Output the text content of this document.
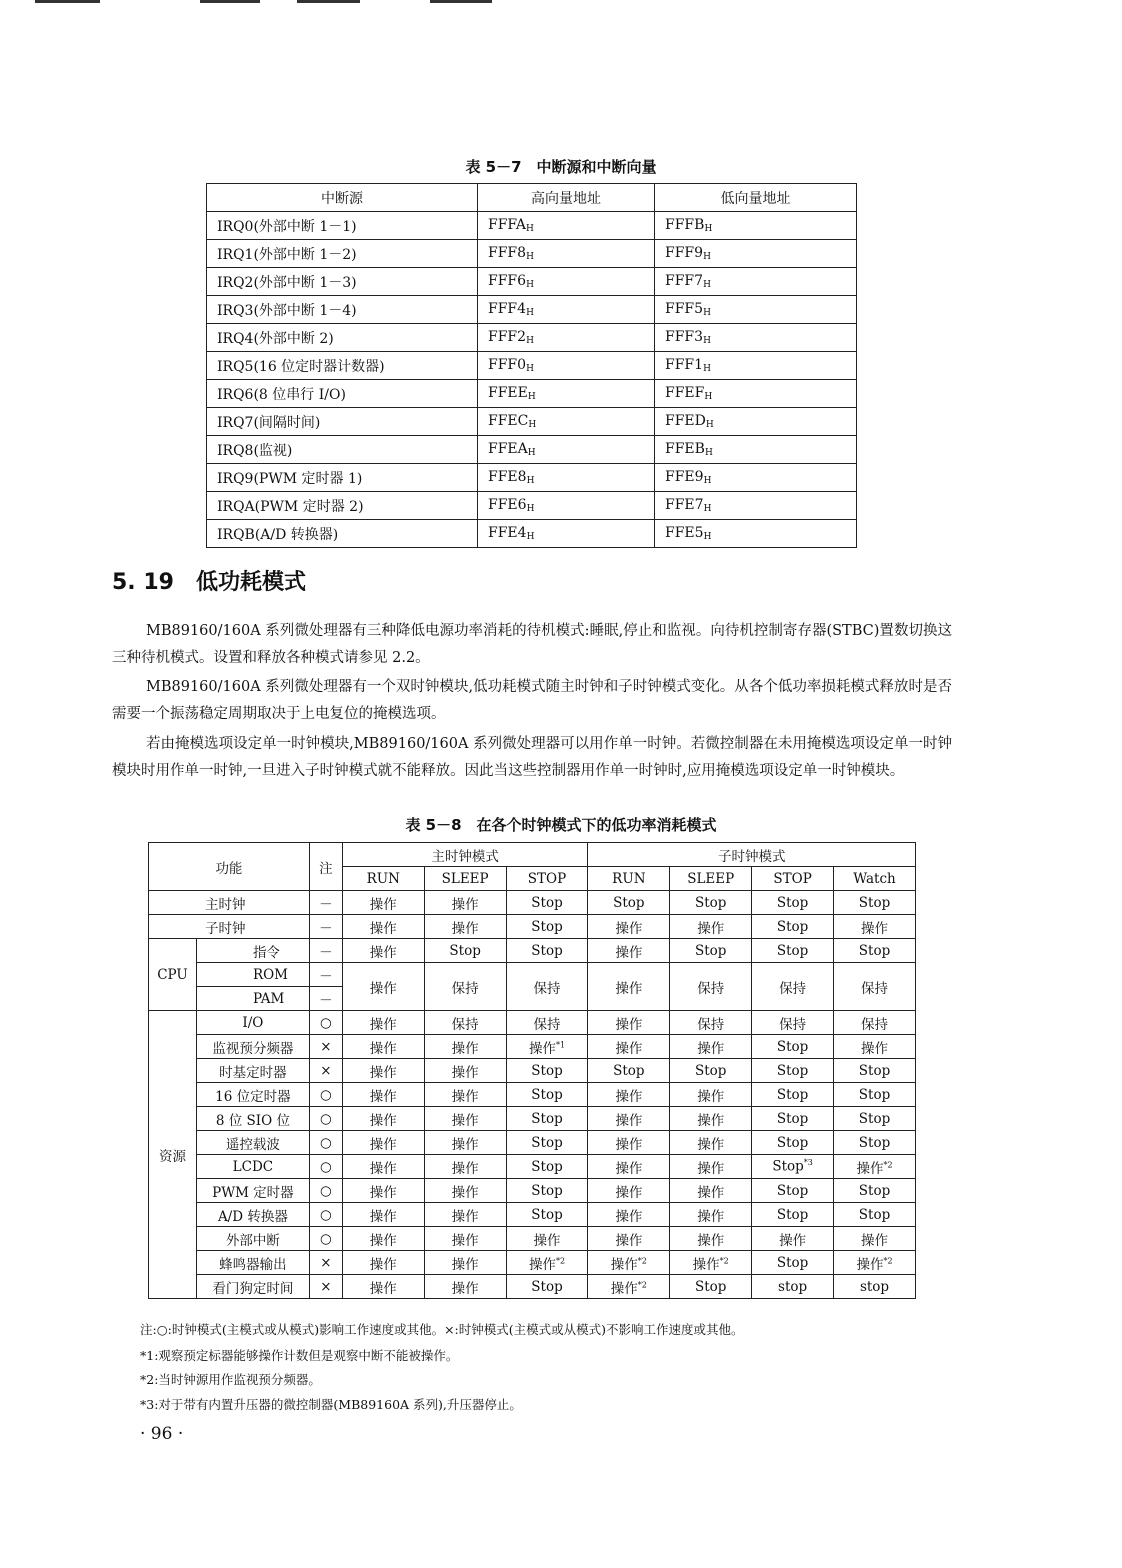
表 5－7　中断源和中断向量
中断源	高向量地址	低向量地址
IRQ0(外部中断 1－1)	$FFFA_H$	$FFFB_H$
IRQ1(外部中断 1－2)	$FFF8_H$	$FFF9_H$
IRQ2(外部中断 1－3)	$FFF6_H$	$FFF7_H$
IRQ3(外部中断 1－4)	$FFF4_H$	$FFF5_H$
IRQ4(外部中断 2)	$FFF2_H$	$FFF3_H$
IRQ5(16 位定时器计数器)	$FFF0_H$	$FFF1_H$
IRQ6(8 位串行 I/O)	$FFEE_H$	$FFEF_H$
IRQ7(间隔时间)	$FFEC_H$	$FFED_H$
IRQ8(监视)	$FFEA_H$	$FFEB_H$
IRQ9(PWM 定时器 1)	$FFE8_H$	$FFE9_H$
IRQA(PWM 定时器 2)	$FFE6_H$	$FFE7_H$
IRQB(A/D 转换器)	$FFE4_H$	$FFE5_H$
5. 19　低功耗模式

MB89160/160A 系列微处理器有三种降低电源功率消耗的待机模式:睡眠,停止和监视。向待机控制寄存器(STBC)置数切换这三种待机模式。设置和释放各种模式请参见 2.2。

MB89160/160A 系列微处理器有一个双时钟模块,低功耗模式随主时钟和子时钟模式变化。从各个低功率损耗模式释放时是否需要一个振荡稳定周期取决于上电复位的掩模选项。

若由掩模选项设定单一时钟模块,MB89160/160A 系列微处理器可以用作单一时钟。若微控制器在未用掩模选项设定单一时钟模块时用作单一时钟,一旦进入子时钟模式就不能释放。因此当这些控制器用作单一时钟时,应用掩模选项设定单一时钟模块。

表 5－8　在各个时钟模式下的低功率消耗模式
功能		注	主时钟模式			子时钟模式			
			RUN	SLEEP	STOP	RUN	SLEEP	STOP	Watch
主时钟		－	操作	操作	Stop	Stop	Stop	Stop	Stop
子时钟		－	操作	操作	Stop	操作	操作	Stop	操作
CPU	指令	－	操作	Stop	Stop	操作	Stop	Stop	Stop
	ROM	－	操作	保持	保持	操作	保持	保持	保持
	PAM	－							
资源	I/O	○	操作	保持	保持	操作	保持	保持	保持
	监视预分频器	×	操作	操作	操作$^{*1}$	操作	操作	Stop	操作
	时基定时器	×	操作	操作	Stop	Stop	Stop	Stop	Stop
	16 位定时器	○	操作	操作	Stop	操作	操作	Stop	Stop
	8 位 SIO 位	○	操作	操作	Stop	操作	操作	Stop	Stop
	遥控载波	○	操作	操作	Stop	操作	操作	Stop	Stop
	LCDC	○	操作	操作	Stop	操作	操作	Stop$^{*3}$	操作$^{*2}$
	PWM 定时器	○	操作	操作	Stop	操作	操作	Stop	Stop
	A/D 转换器	○	操作	操作	Stop	操作	操作	Stop	Stop
	外部中断	○	操作	操作	操作	操作	操作	操作	操作
	蜂鸣器输出	×	操作	操作	操作$^{*2}$	操作$^{*2}$	操作$^{*2}$	Stop	操作$^{*2}$
	看门狗定时间	×	操作	操作	Stop	操作$^{*2}$	Stop	stop	stop
注:○:时钟模式(主模式或从模式)影响工作速度或其他。×:时钟模式(主模式或从模式)不影响工作速度或其他。
*1:观察预定标器能够操作计数但是观察中断不能被操作。
*2:当时钟源用作监视预分频器。
*3:对于带有内置升压器的微控制器(MB89160A 系列),升压器停止。
· 96 ·
